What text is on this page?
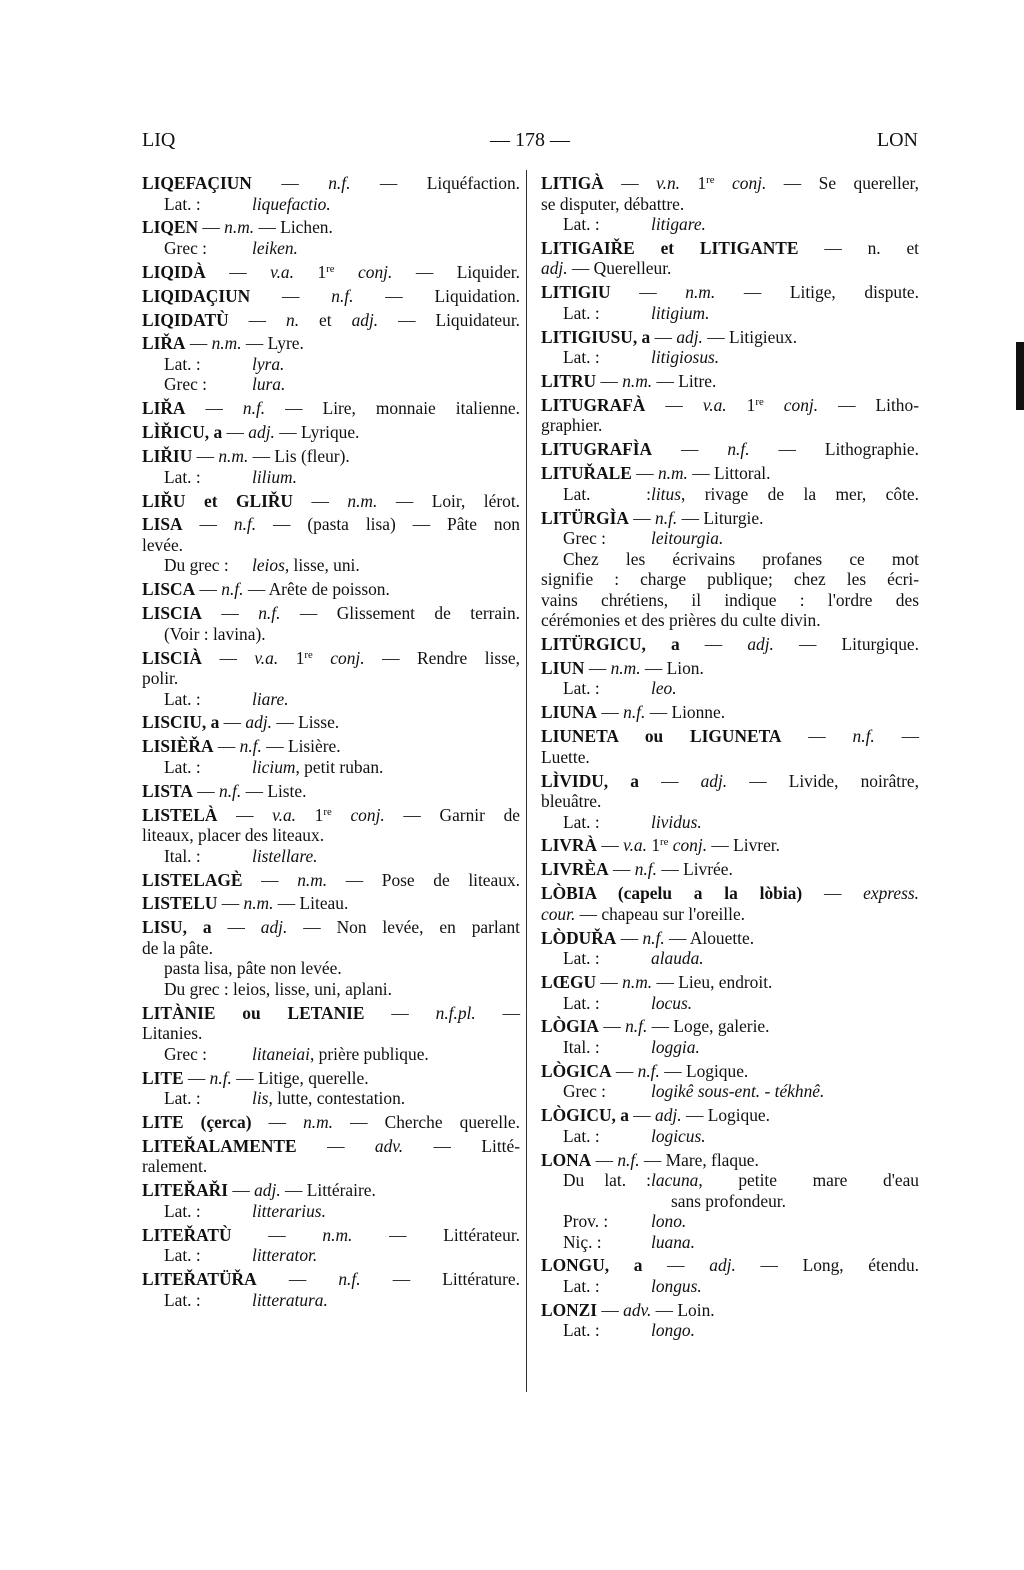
LIQ	— 178 —	LON
LIQEFAÇIUN — n.f. — Liquéfaction.
Lat. :	liquefactio.
LIQEN — n.m. — Lichen.
Grec :	leiken.
LIQIDÀ — v.a. 1re conj. — Liquider.
LIQIDAÇIUN — n.f. — Liquidation.
LIQIDATÙ — n. et adj. — Liquidateur.
LIŘA — n.m. — Lyre.
Lat. :	lyra.
Grec :	lura.
LIŘA — n.f. — Lire, monnaie italienne.
LÌŘICU, a — adj. — Lyrique.
LIŘIU — n.m. — Lis (fleur).
Lat. :	lilium.
LIŘU et GLIŘU — n.m. — Loir, lérot.
LISA — n.f. — (pasta lisa) — Pâte non
levée.
Du grec : leios, lisse, uni.
LISCA — n.f. — Arête de poisson.
LISCIA — n.f. — Glissement de terrain.
(Voir : lavina).
LISCIÀ — v.a. 1re conj. — Rendre lisse,
polir.
Lat. :	liare.
LISCIU, a — adj. — Lisse.
LISIÈŘA — n.f. — Lisière.
Lat. :	licium, petit ruban.
LISTA — n.f. — Liste.
LISTELÀ — v.a. 1re conj. — Garnir de
liteaux, placer des liteaux.
Ital. :	listellare.
LISTELAGÈ — n.m. — Pose de liteaux.
LISTELU — n.m. — Liteau.
LISU, a — adj. — Non levée, en parlant
de la pâte.
pasta lisa, pâte non levée.
Du grec : leios, lisse, uni, aplani.
LITÀNIE ou LETANIE — n.f.pl. —
Litanies.
Grec :	litaneiai, prière publique.
LITE — n.f. — Litige, querelle.
Lat. :	lis, lutte, contestation.
LITE (çerca) — n.m. — Cherche querelle.
LITEŘALAMENTE — adv. — Litté-
ralement.
LITEŘAŘI — adj. — Littéraire.
Lat. :	litterarius.
LITEŘATÙ — n.m. — Littérateur.
Lat. :	litterator.
LITEŘATÜŘA — n.f. — Littérature.
Lat. :	litteratura.
LITIGÀ — v.n. 1re conj. — Se quereller,
se disputer, débattre.
Lat. :	litigare.
LITIGAIŘE et LITIGANTE — n. et
adj. — Querelleur.
LITIGIU — n.m. — Litige, dispute.
Lat. :	litigium.
LITIGIUSU, a — adj. — Litigieux.
Lat. :	litigiosus.
LITRU — n.m. — Litre.
LITUGRAFÀ — v.a. 1re conj. — Litho-
graphier.
LITUGRAFÌA — n.f. — Lithographie.
LITUŘALE — n.m. — Littoral.
Lat. :litus, rivage de la mer, côte.
LITÜRGÌA — n.f. — Liturgie.
Grec :	leitourgia.
Chez les écrivains profanes ce mot
signifie : charge publique; chez les écri-
vains chrétiens, il indique : l'ordre des
cérémonies et des prières du culte divin.
LITÜRGICU, a — adj. — Liturgique.
LIUN — n.m. — Lion.
Lat. :	leo.
LIUNA — n.f. — Lionne.
LIUNETA ou LIGUNETA — n.f. —
Luette.
LÌVIDU, a — adj. — Livide, noirâtre,
bleuâtre.
Lat. :	lividus.
LIVRÀ — v.a. 1re conj. — Livrer.
LIVRÈA — n.f. — Livrée.
LÒBIA (capelu a la lòbia) — express.
cour. — chapeau sur l'oreille.
LÒDUŘA — n.f. — Alouette.
Lat. :	alauda.
LŒGU — n.m. — Lieu, endroit.
Lat. :	locus.
LÒGIA — n.f. — Loge, galerie.
Ital. :	loggia.
LÒGICA — n.f. — Logique.
Grec :	logikê sous-ent. - tékhnê.
LÒGICU, a — adj. — Logique.
Lat. :	logicus.
LONA — n.f. — Mare, flaque.
Du lat. :lacuna, petite mare d'eau
sans profondeur.
Prov. : lono.
Niç. :	luana.
LONGU, a — adj. — Long, étendu.
Lat. :	longus.
LONZI — adv. — Loin.
Lat. :	longo.
